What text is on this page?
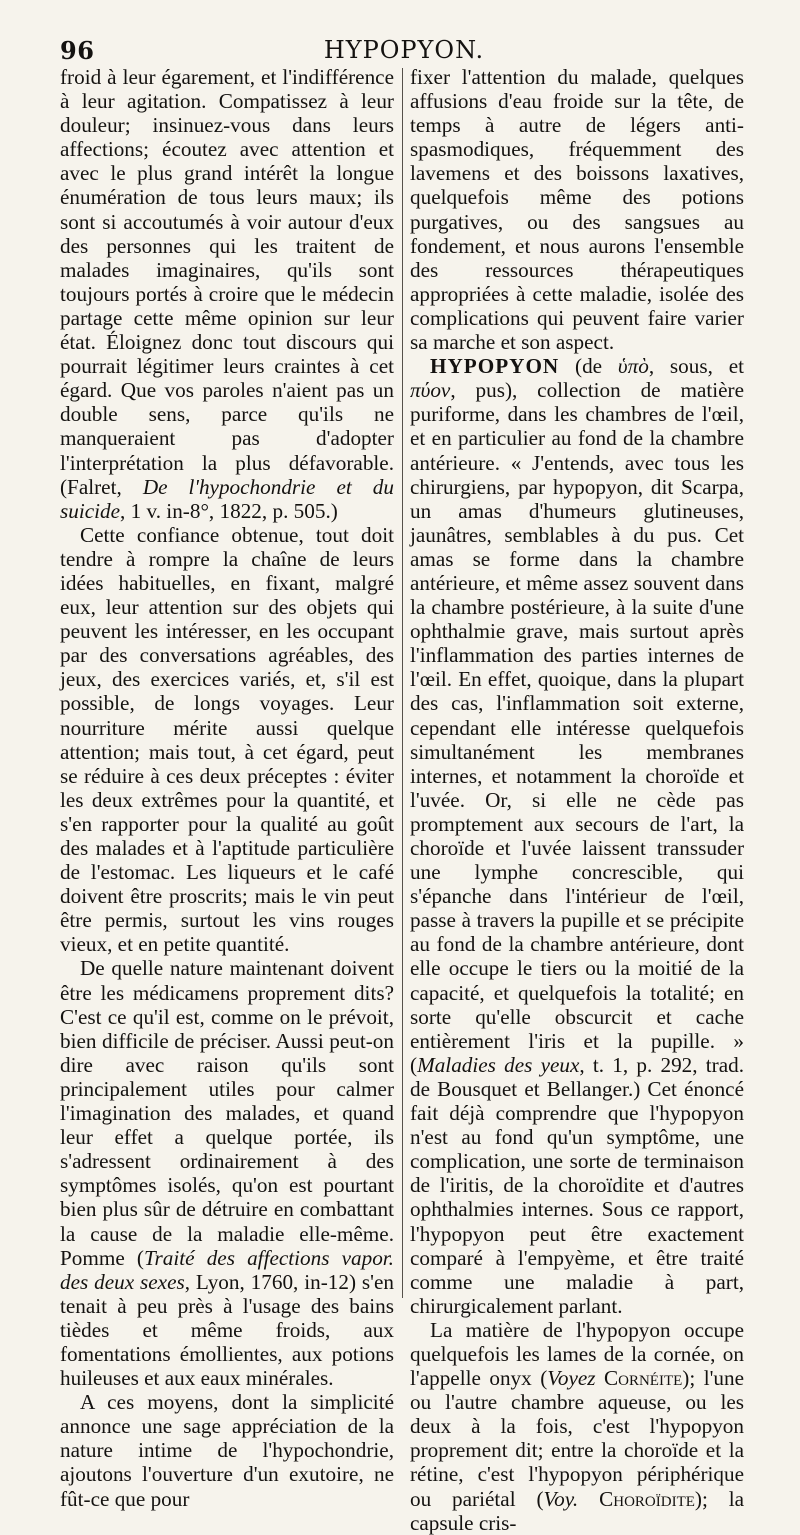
96	HYPOPYON.

froid à leur égarement, et l'indifférence à leur agitation. Compatissez à leur douleur; insinuez-vous dans leurs affections; écoutez avec attention et avec le plus grand intérêt la longue énumération de tous leurs maux; ils sont si accoutumés à voir autour d'eux des personnes qui les traitent de malades imaginaires, qu'ils sont toujours portés à croire que le médecin partage cette même opinion sur leur état. Éloignez donc tout discours qui pourrait légitimer leurs craintes à cet égard. Que vos paroles n'aient pas un double sens, parce qu'ils ne manqueraient pas d'adopter l'interprétation la plus défavorable. (Falret, De l'hypochondrie et du suicide, 1 v. in-8°, 1822, p. 505.)

Cette confiance obtenue, tout doit tendre à rompre la chaîne de leurs idées habituelles, en fixant, malgré eux, leur attention sur des objets qui peuvent les intéresser, en les occupant par des conversations agréables, des jeux, des exercices variés, et, s'il est possible, de longs voyages. Leur nourriture mérite aussi quelque attention; mais tout, à cet égard, peut se réduire à ces deux préceptes : éviter les deux extrêmes pour la quantité, et s'en rapporter pour la qualité au goût des malades et à l'aptitude particulière de l'estomac. Les liqueurs et le café doivent être proscrits; mais le vin peut être permis, surtout les vins rouges vieux, et en petite quantité.

De quelle nature maintenant doivent être les médicamens proprement dits? C'est ce qu'il est, comme on le prévoit, bien difficile de préciser. Aussi peut-on dire avec raison qu'ils sont principalement utiles pour calmer l'imagination des malades, et quand leur effet a quelque portée, ils s'adressent ordinairement à des symptômes isolés, qu'on est pourtant bien plus sûr de détruire en combattant la cause de la maladie elle-même. Pomme (Traité des affections vapor. des deux sexes, Lyon, 1760, in-12) s'en tenait à peu près à l'usage des bains tièdes et même froids, aux fomentations émollientes, aux potions huileuses et aux eaux minérales.

A ces moyens, dont la simplicité annonce une sage appréciation de la nature intime de l'hypochondrie, ajoutons l'ouverture d'un exutoire, ne fût-ce que pour

fixer l'attention du malade, quelques affusions d'eau froide sur la tête, de temps à autre de légers anti-spasmodiques, fréquemment des lavemens et des boissons laxatives, quelquefois même des potions purgatives, ou des sangsues au fondement, et nous aurons l'ensemble des ressources thérapeutiques appropriées à cette maladie, isolée des complications qui peuvent faire varier sa marche et son aspect.

HYPOPYON (de ὑπὸ, sous, et πύον, pus), collection de matière puriforme, dans les chambres de l'œil, et en particulier au fond de la chambre antérieure. « J'entends, avec tous les chirurgiens, par hypopyon, dit Scarpa, un amas d'humeurs glutineuses, jaunâtres, semblables à du pus. Cet amas se forme dans la chambre antérieure, et même assez souvent dans la chambre postérieure, à la suite d'une ophthalmie grave, mais surtout après l'inflammation des parties internes de l'œil. En effet, quoique, dans la plupart des cas, l'inflammation soit externe, cependant elle intéresse quelquefois simultanément les membranes internes, et notamment la choroïde et l'uvée. Or, si elle ne cède pas promptement aux secours de l'art, la choroïde et l'uvée laissent transsuder une lymphe concrescible, qui s'épanche dans l'intérieur de l'œil, passe à travers la pupille et se précipite au fond de la chambre antérieure, dont elle occupe le tiers ou la moitié de la capacité, et quelquefois la totalité; en sorte qu'elle obscurcit et cache entièrement l'iris et la pupille. » (Maladies des yeux, t. 1, p. 292, trad. de Bousquet et Bellanger.) Cet énoncé fait déjà comprendre que l'hypopyon n'est au fond qu'un symptôme, une complication, une sorte de terminaison de l'iritis, de la choroïdite et d'autres ophthalmies internes. Sous ce rapport, l'hypopyon peut être exactement comparé à l'empyème, et être traité comme une maladie à part, chirurgicalement parlant.

La matière de l'hypopyon occupe quelquefois les lames de la cornée, on l'appelle onyx (Voyez Cornéite); l'une ou l'autre chambre aqueuse, ou les deux à la fois, c'est l'hypopyon proprement dit; entre la choroïde et la rétine, c'est l'hypopyon périphérique ou pariétal (Voy. Choroïdite); la capsule cris-
